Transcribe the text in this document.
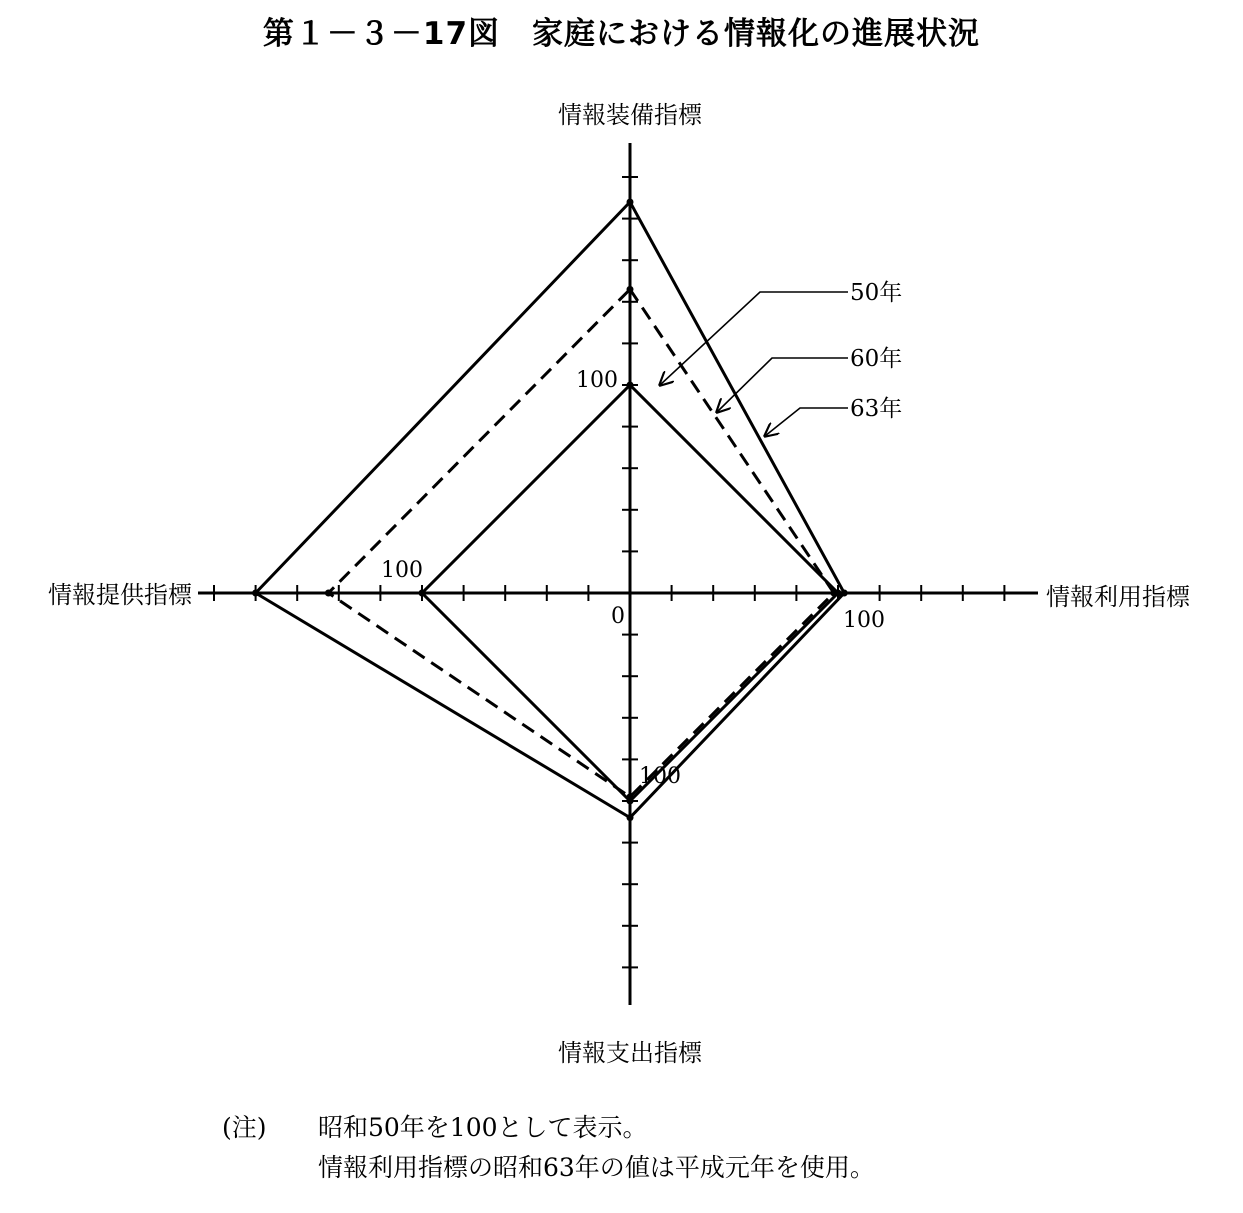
第１－３－17図　家庭における情報化の進展状況
情報装備指標
情報利用指標
情報支出指標
情報提供指標
100
100
100
100
0
50年
60年
63年
(注)	昭和50年を100として表示。
情報利用指標の昭和63年の値は平成元年を使用。
